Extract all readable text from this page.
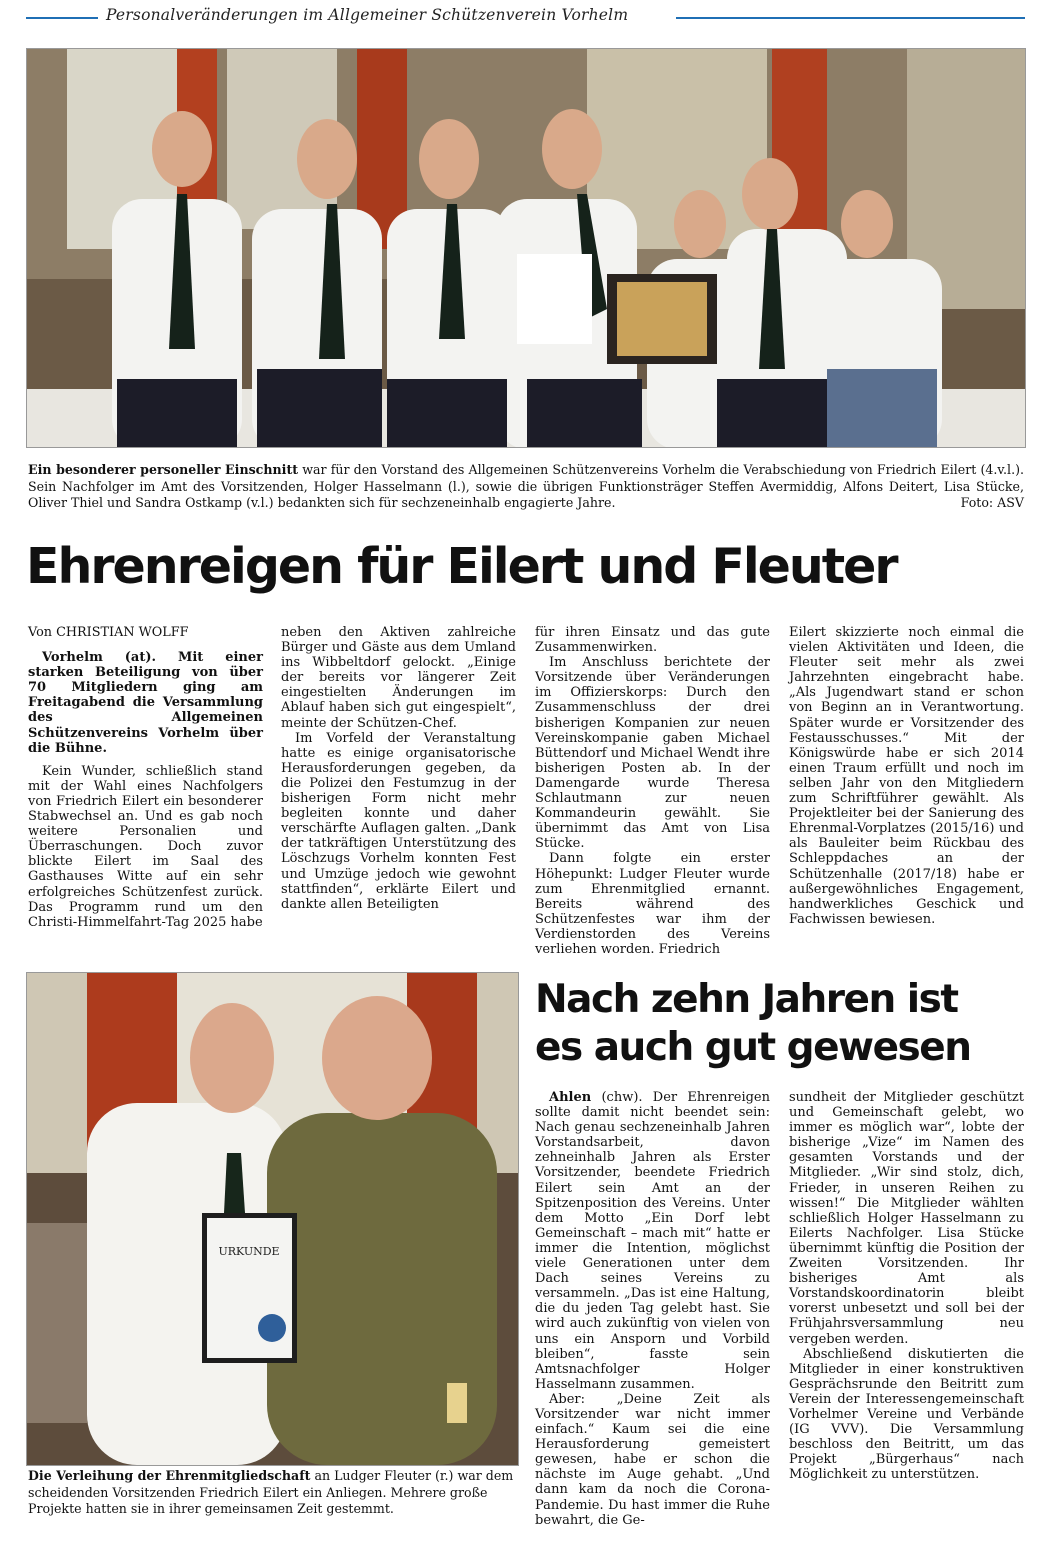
Personalveränderungen im Allgemeiner Schützenverein Vorhelm
Ein besonderer personeller Einschnitt war für den Vorstand des Allgemeinen Schützenvereins Vorhelm die Verabschiedung von Friedrich Eilert (4.v.l.). Sein Nachfolger im Amt des Vorsitzenden, Holger Hasselmann (l.), sowie die übrigen Funktionsträger Steffen Avermiddig, Alfons Deitert, Lisa Stücke, Oliver Thiel und Sandra Ostkamp (v.l.) bedankten sich für sechzeneinhalb engagierte Jahre.	Foto: ASV
Ehrenreigen für Eilert und Fleuter

Von CHRISTIAN WOLFF

Vorhelm (at). Mit einer starken Beteiligung von über 70 Mitgliedern ging am Freitagabend die Versammlung des Allgemeinen Schützenvereins Vorhelm über die Bühne.

Kein Wunder, schließlich stand mit der Wahl eines Nachfolgers von Friedrich Eilert ein besonderer Stabwechsel an. Und es gab noch weitere Personalien und Überraschungen. Doch zuvor blickte Eilert im Saal des Gasthauses Witte auf ein sehr erfolgreiches Schützenfest zurück. Das Programm rund um den Christi-Himmelfahrt-Tag 2025 habe

neben den Aktiven zahlreiche Bürger und Gäste aus dem Umland ins Wibbeltdorf gelockt. „Einige der bereits vor längerer Zeit eingestielten Änderungen im Ablauf haben sich gut eingespielt“, meinte der Schützen-Chef.

Im Vorfeld der Veranstaltung hatte es einige organisatorische Herausforderungen gegeben, da die Polizei den Festumzug in der bisherigen Form nicht mehr begleiten konnte und daher verschärfte Auflagen galten. „Dank der tatkräftigen Unterstützung des Löschzugs Vorhelm konnten Fest und Umzüge jedoch wie gewohnt stattfinden“, erklärte Eilert und dankte allen Beteiligten

für ihren Einsatz und das gute Zusammenwirken.

Im Anschluss berichtete der Vorsitzende über Veränderungen im Offizierskorps: Durch den Zusammenschluss der drei bisherigen Kompanien zur neuen Vereinskompanie gaben Michael Büttendorf und Michael Wendt ihre bisherigen Posten ab. In der Damengarde wurde Theresa Schlautmann zur neuen Kommandeurin gewählt. Sie übernimmt das Amt von Lisa Stücke.

Dann folgte ein erster Höhepunkt: Ludger Fleuter wurde zum Ehrenmitglied ernannt. Bereits während des Schützenfestes war ihm der Verdienstorden des Vereins verliehen worden. Friedrich

Eilert skizzierte noch einmal die vielen Aktivitäten und Ideen, die Fleuter seit mehr als zwei Jahrzehnten eingebracht habe. „Als Jugendwart stand er schon von Beginn an in Verantwortung. Später wurde er Vorsitzender des Festausschusses.“ Mit der Königswürde habe er sich 2014 einen Traum erfüllt und noch im selben Jahr von den Mitgliedern zum Schriftführer gewählt. Als Projektleiter bei der Sanierung des Ehrenmal-Vorplatzes (2015/16) und als Bauleiter beim Rückbau des Schleppdaches an der Schützenhalle (2017/18) habe er außergewöhnliches Engagement, handwerkliches Geschick und Fachwissen bewiesen.

URKUNDE
Die Verleihung der Ehrenmitgliedschaft an Ludger Fleuter (r.) war dem scheidenden Vorsitzenden Friedrich Eilert ein Anliegen. Mehrere große Projekte hatten sie in ihrer gemeinsamen Zeit gestemmt.
Nach zehn Jahren ist
es auch gut gewesen

Ahlen (chw). Der Ehrenreigen sollte damit nicht beendet sein: Nach genau sechzeneinhalb Jahren Vorstandsarbeit, davon zehneinhalb Jahren als Erster Vorsitzender, beendete Friedrich Eilert sein Amt an der Spitzenposition des Vereins. Unter dem Motto „Ein Dorf lebt Gemeinschaft – mach mit“ hatte er immer die Intention, möglichst viele Generationen unter dem Dach seines Vereins zu versammeln. „Das ist eine Haltung, die du jeden Tag gelebt hast. Sie wird auch zukünftig von vielen von uns ein Ansporn und Vorbild bleiben“, fasste sein Amtsnachfolger Holger Hasselmann zusammen.

Aber: „Deine Zeit als Vorsitzender war nicht immer einfach.“ Kaum sei die eine Herausforderung gemeistert gewesen, habe er schon die nächste im Auge gehabt. „Und dann kam da noch die Corona-Pandemie. Du hast immer die Ruhe bewahrt, die Ge-

sundheit der Mitglieder geschützt und Gemeinschaft gelebt, wo immer es möglich war“, lobte der bisherige „Vize“ im Namen des gesamten Vorstands und der Mitglieder. „Wir sind stolz, dich, Frieder, in unseren Reihen zu wissen!“ Die Mitglieder wählten schließlich Holger Hasselmann zu Eilerts Nachfolger. Lisa Stücke übernimmt künftig die Position der Zweiten Vorsitzenden. Ihr bisheriges Amt als Vorstandskoordinatorin bleibt vorerst unbesetzt und soll bei der Frühjahrsversammlung neu vergeben werden.

Abschließend diskutierten die Mitglieder in einer konstruktiven Gesprächsrunde den Beitritt zum Verein der Interessengemeinschaft Vorhelmer Vereine und Verbände (IG VVV). Die Versammlung beschloss den Beitritt, um das Projekt „Bürgerhaus“ nach Möglichkeit zu unterstützen.
